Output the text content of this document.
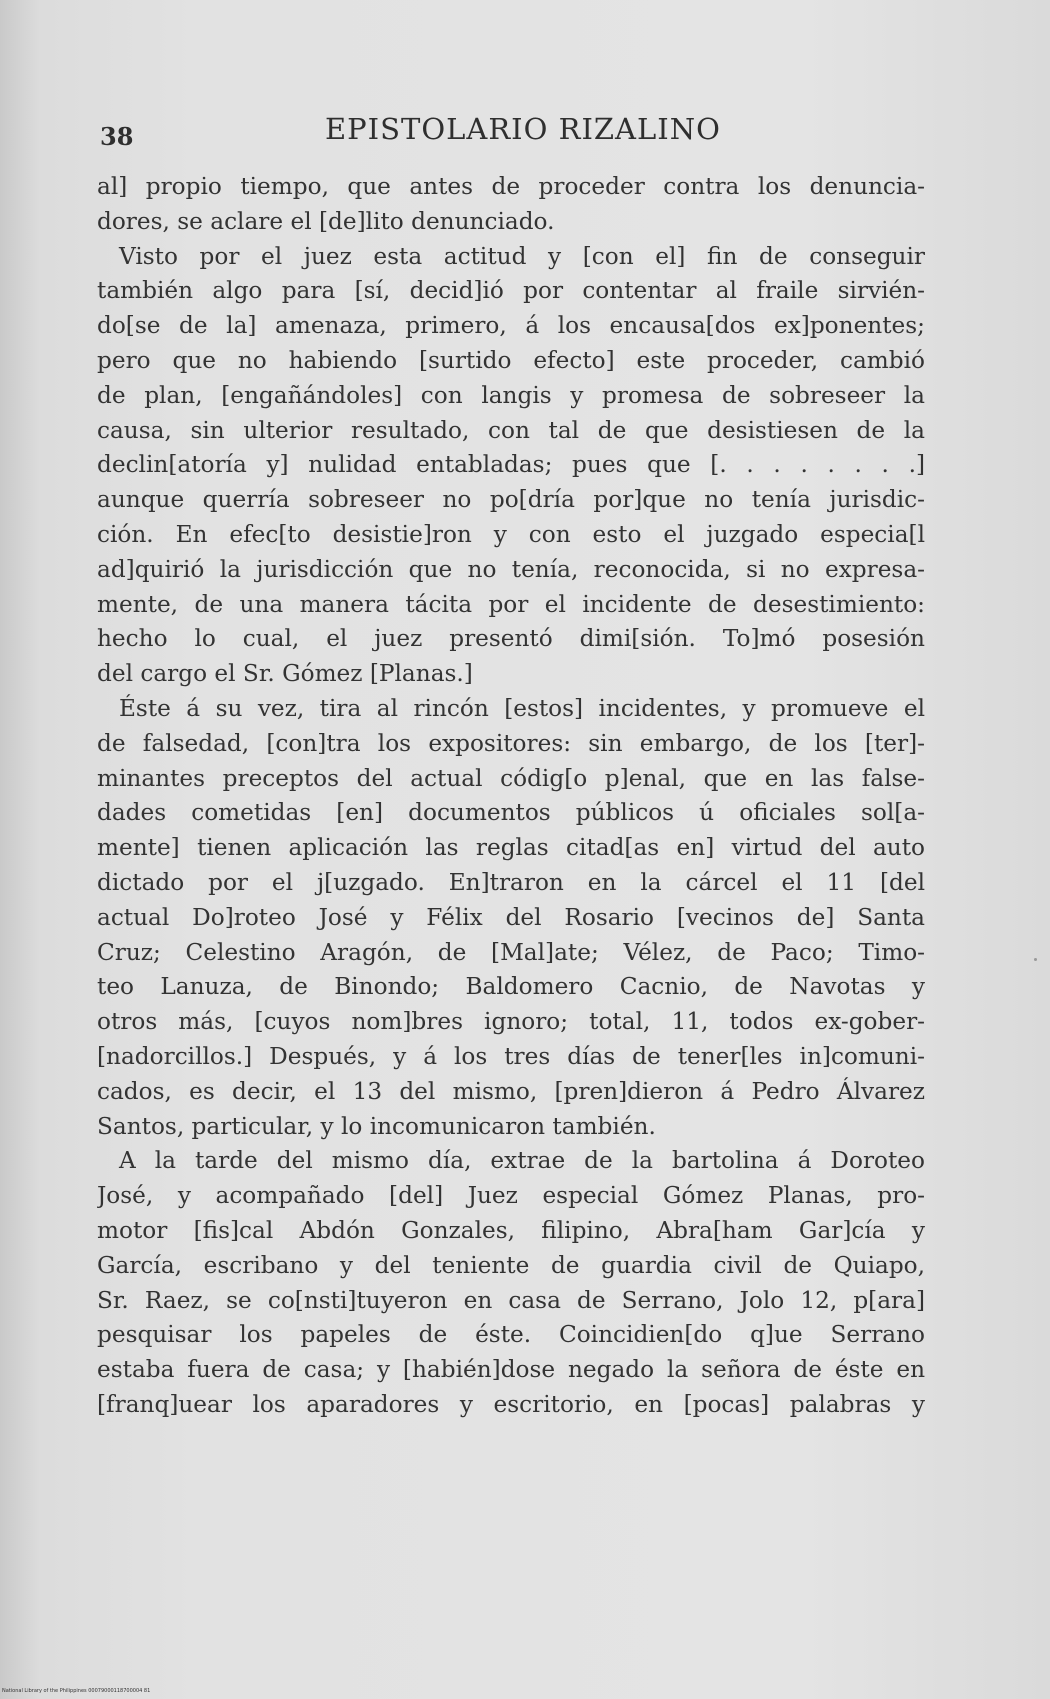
38	EPISTOLARIO RIZALINO
al] propio tiempo, que antes de proceder contra los denuncia-
dores, se aclare el [de]lito denunciado.
Visto por el juez esta actitud y [con el] fin de conseguir
también algo para [sí, decid]ió por contentar al fraile sirvién-
do[se de la] amenaza, primero, á los encausa[dos ex]ponentes;
pero que no habiendo [surtido efecto] este proceder, cambió
de plan, [engañándoles] con langis y promesa de sobreseer la
causa, sin ulterior resultado, con tal de que desistiesen de la
declin[atoría y] nulidad entabladas; pues que [. . . . . . . .]
aunque querría sobreseer no po[dría por]que no tenía jurisdic-
ción. En efec[to desistie]ron y con esto el juzgado especia[l
ad]quirió la jurisdicción que no tenía, reconocida, si no expresa-
mente, de una manera tácita por el incidente de desestimiento:
hecho lo cual, el juez presentó dimi[sión. To]mó posesión
del cargo el Sr. Gómez [Planas.]
Éste á su vez, tira al rincón [estos] incidentes, y promueve el
de falsedad, [con]tra los expositores: sin embargo, de los [ter]-
minantes preceptos del actual códig[o p]enal, que en las false-
dades cometidas [en] documentos públicos ú oficiales sol[a-
mente] tienen aplicación las reglas citad[as en] virtud del auto
dictado por el j[uzgado. En]traron en la cárcel el 11 [del
actual Do]roteo José y Félix del Rosario [vecinos de] Santa
Cruz; Celestino Aragón, de [Mal]ate; Vélez, de Paco; Timo-
teo Lanuza, de Binondo; Baldomero Cacnio, de Navotas y
otros más, [cuyos nom]bres ignoro; total, 11, todos ex-gober-
[nadorcillos.] Después, y á los tres días de tener[les in]comuni-
cados, es decir, el 13 del mismo, [pren]dieron á Pedro Álvarez
Santos, particular, y lo incomunicaron también.
A la tarde del mismo día, extrae de la bartolina á Doroteo
José, y acompañado [del] Juez especial Gómez Planas, pro-
motor [fis]cal Abdón Gonzales, filipino, Abra[ham Gar]cía y
García, escribano y del teniente de guardia civil de Quiapo,
Sr. Raez, se co[nsti]tuyeron en casa de Serrano, Jolo 12, p[ara]
pesquisar los papeles de éste. Coincidien[do q]ue Serrano
estaba fuera de casa; y [habién]dose negado la señora de éste en
[franq]uear los aparadores y escritorio, en [pocas] palabras y
National Library of the Philippines 00079000118700004 81
